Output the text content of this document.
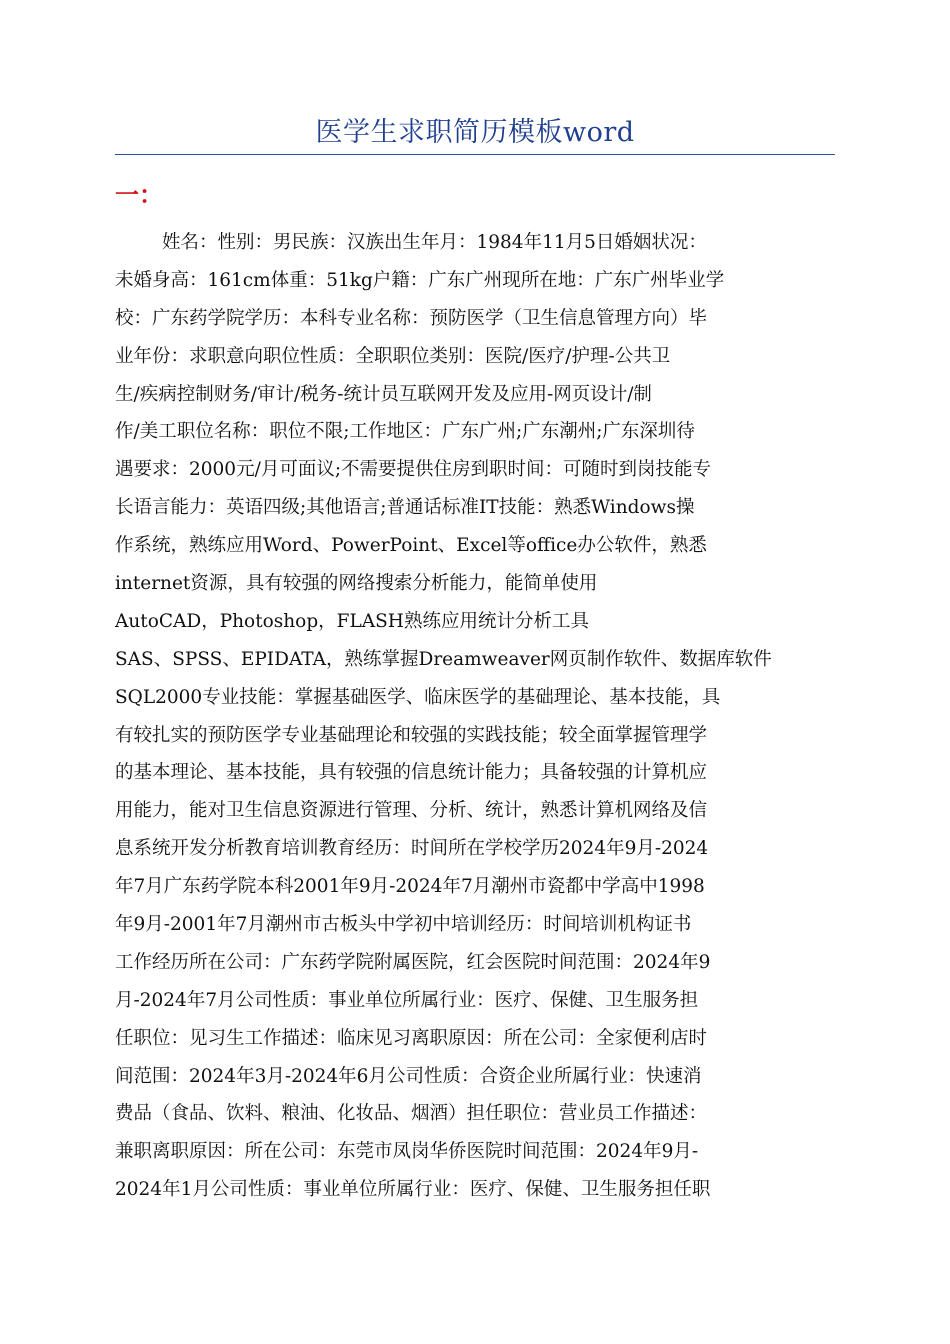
医学生求职简历模板word
一：
姓名：性别：男民族：汉族出生年月：1984年11月5日婚姻状况：
未婚身高：161cm体重：51kg户籍：广东广州现所在地：广东广州毕业学
校：广东药学院学历：本科专业名称：预防医学（卫生信息管理方向）毕
业年份：求职意向职位性质：全职职位类别：医院/医疗/护理-公共卫
生/疾病控制财务/审计/税务-统计员互联网开发及应用-网页设计/制
作/美工职位名称：职位不限;工作地区：广东广州;广东潮州;广东深圳待
遇要求：2000元/月可面议;不需要提供住房到职时间：可随时到岗技能专
长语言能力：英语四级;其他语言;普通话标准IT技能：熟悉Windows操
作系统，熟练应用Word、PowerPoint、Excel等office办公软件，熟悉
internet资源，具有较强的网络搜索分析能力，能简单使用
AutoCAD，Photoshop，FLASH熟练应用统计分析工具
SAS、SPSS、EPIDATA，熟练掌握Dreamweaver网页制作软件、数据库软件
SQL2000专业技能：掌握基础医学、临床医学的基础理论、基本技能，具
有较扎实的预防医学专业基础理论和较强的实践技能；较全面掌握管理学
的基本理论、基本技能，具有较强的信息统计能力；具备较强的计算机应
用能力，能对卫生信息资源进行管理、分析、统计，熟悉计算机网络及信
息系统开发分析教育培训教育经历：时间所在学校学历2024年9月-2024
年7月广东药学院本科2001年9月-2024年7月潮州市瓷都中学高中1998
年9月-2001年7月潮州市古板头中学初中培训经历：时间培训机构证书
工作经历所在公司：广东药学院附属医院，红会医院时间范围：2024年9
月-2024年7月公司性质：事业单位所属行业：医疗、保健、卫生服务担
任职位：见习生工作描述：临床见习离职原因：所在公司：全家便利店时
间范围：2024年3月-2024年6月公司性质：合资企业所属行业：快速消
费品（食品、饮料、粮油、化妆品、烟酒）担任职位：营业员工作描述：
兼职离职原因：所在公司：东莞市凤岗华侨医院时间范围：2024年9月-
2024年1月公司性质：事业单位所属行业：医疗、保健、卫生服务担任职
